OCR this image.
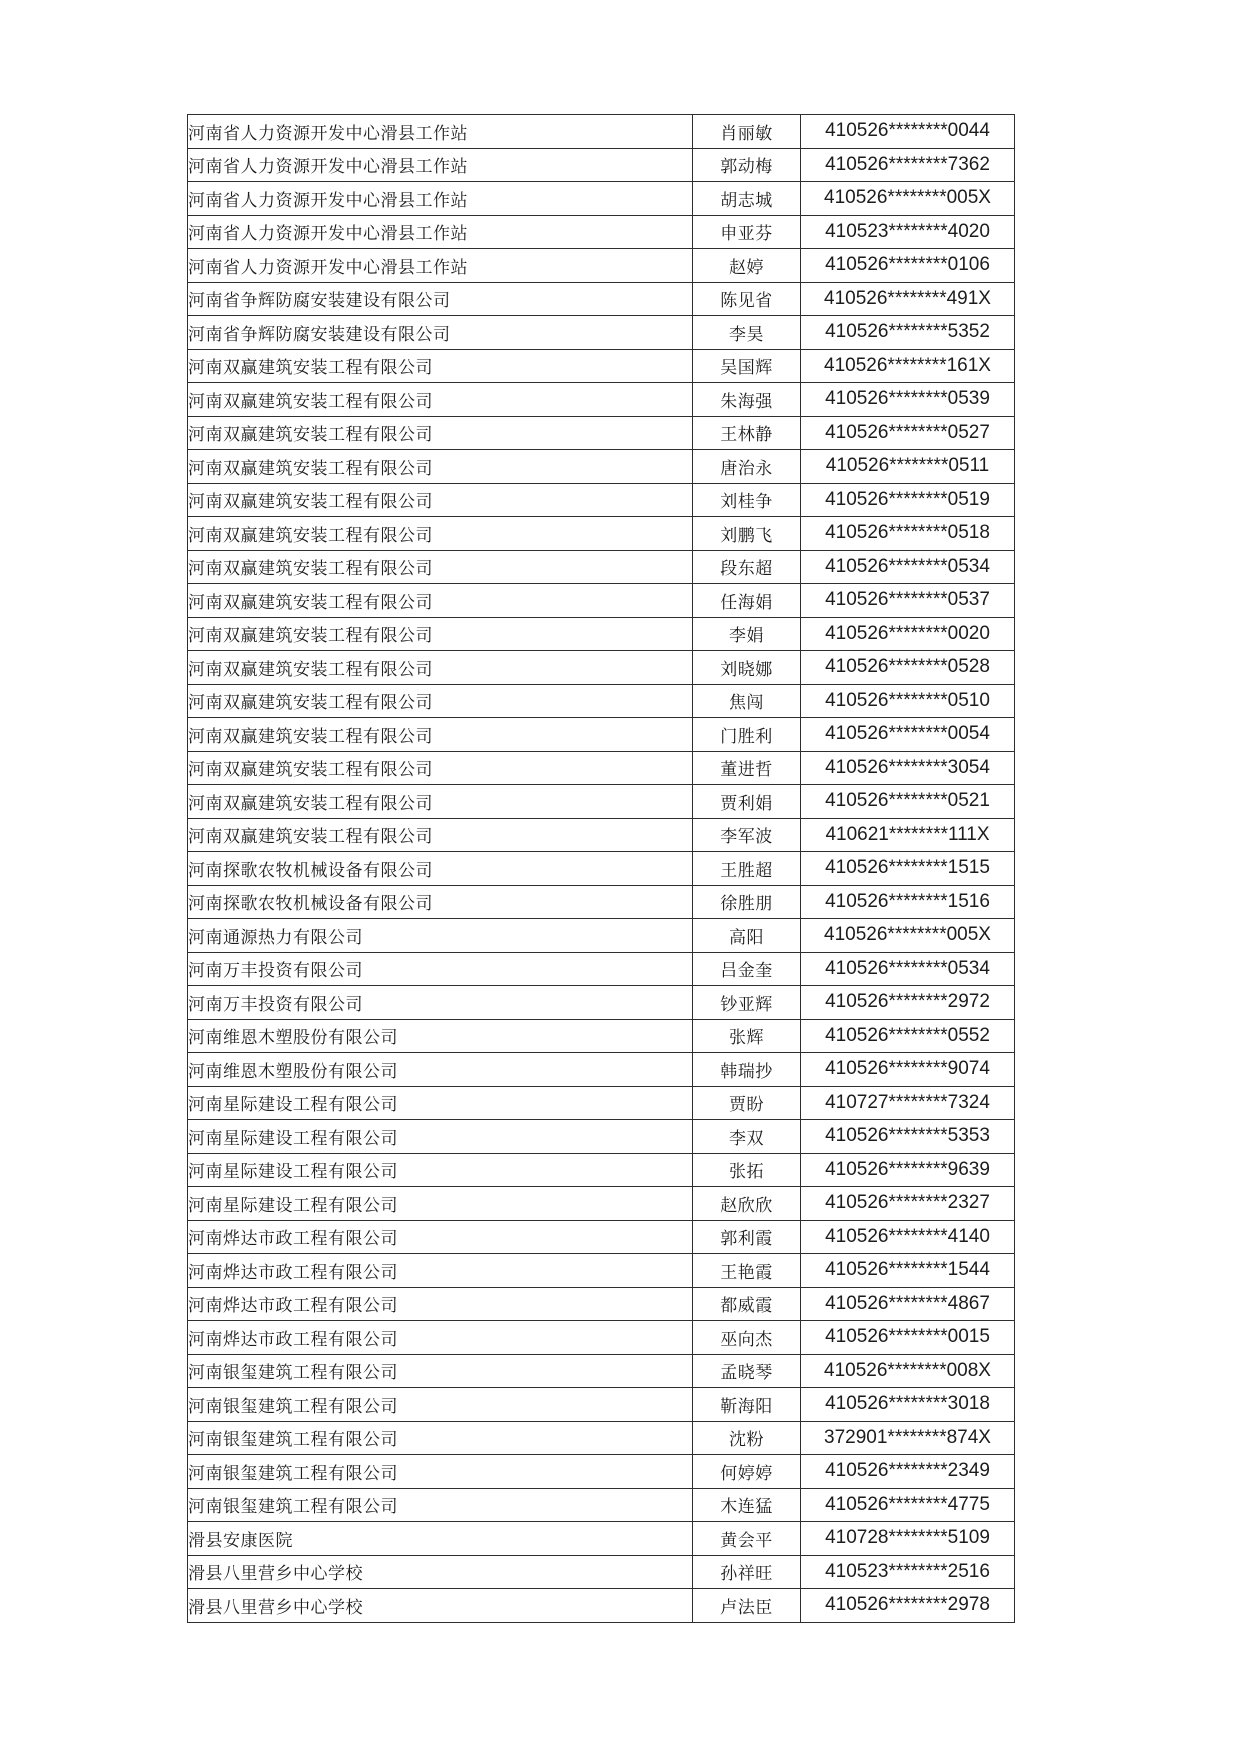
河南省人力资源开发中心滑县工作站	肖丽敏	410526********0044
河南省人力资源开发中心滑县工作站	郭动梅	410526********7362
河南省人力资源开发中心滑县工作站	胡志城	410526********005X
河南省人力资源开发中心滑县工作站	申亚芬	410523********4020
河南省人力资源开发中心滑县工作站	赵婷	410526********0106
河南省争辉防腐安装建设有限公司	陈见省	410526********491X
河南省争辉防腐安装建设有限公司	李昊	410526********5352
河南双赢建筑安装工程有限公司	吴国辉	410526********161X
河南双赢建筑安装工程有限公司	朱海强	410526********0539
河南双赢建筑安装工程有限公司	王林静	410526********0527
河南双赢建筑安装工程有限公司	唐治永	410526********0511
河南双赢建筑安装工程有限公司	刘桂争	410526********0519
河南双赢建筑安装工程有限公司	刘鹏飞	410526********0518
河南双赢建筑安装工程有限公司	段东超	410526********0534
河南双赢建筑安装工程有限公司	任海娟	410526********0537
河南双赢建筑安装工程有限公司	李娟	410526********0020
河南双赢建筑安装工程有限公司	刘晓娜	410526********0528
河南双赢建筑安装工程有限公司	焦闯	410526********0510
河南双赢建筑安装工程有限公司	门胜利	410526********0054
河南双赢建筑安装工程有限公司	董进哲	410526********3054
河南双赢建筑安装工程有限公司	贾利娟	410526********0521
河南双赢建筑安装工程有限公司	李军波	410621********111X
河南探歌农牧机械设备有限公司	王胜超	410526********1515
河南探歌农牧机械设备有限公司	徐胜朋	410526********1516
河南通源热力有限公司	高阳	410526********005X
河南万丰投资有限公司	吕金奎	410526********0534
河南万丰投资有限公司	钞亚辉	410526********2972
河南维恩木塑股份有限公司	张辉	410526********0552
河南维恩木塑股份有限公司	韩瑞抄	410526********9074
河南星际建设工程有限公司	贾盼	410727********7324
河南星际建设工程有限公司	李双	410526********5353
河南星际建设工程有限公司	张拓	410526********9639
河南星际建设工程有限公司	赵欣欣	410526********2327
河南烨达市政工程有限公司	郭利霞	410526********4140
河南烨达市政工程有限公司	王艳霞	410526********1544
河南烨达市政工程有限公司	都威霞	410526********4867
河南烨达市政工程有限公司	巫向杰	410526********0015
河南银玺建筑工程有限公司	孟晓琴	410526********008X
河南银玺建筑工程有限公司	靳海阳	410526********3018
河南银玺建筑工程有限公司	沈粉	372901********874X
河南银玺建筑工程有限公司	何婷婷	410526********2349
河南银玺建筑工程有限公司	木连猛	410526********4775
滑县安康医院	黄会平	410728********5109
滑县八里营乡中心学校	孙祥旺	410523********2516
滑县八里营乡中心学校	卢法臣	410526********2978
